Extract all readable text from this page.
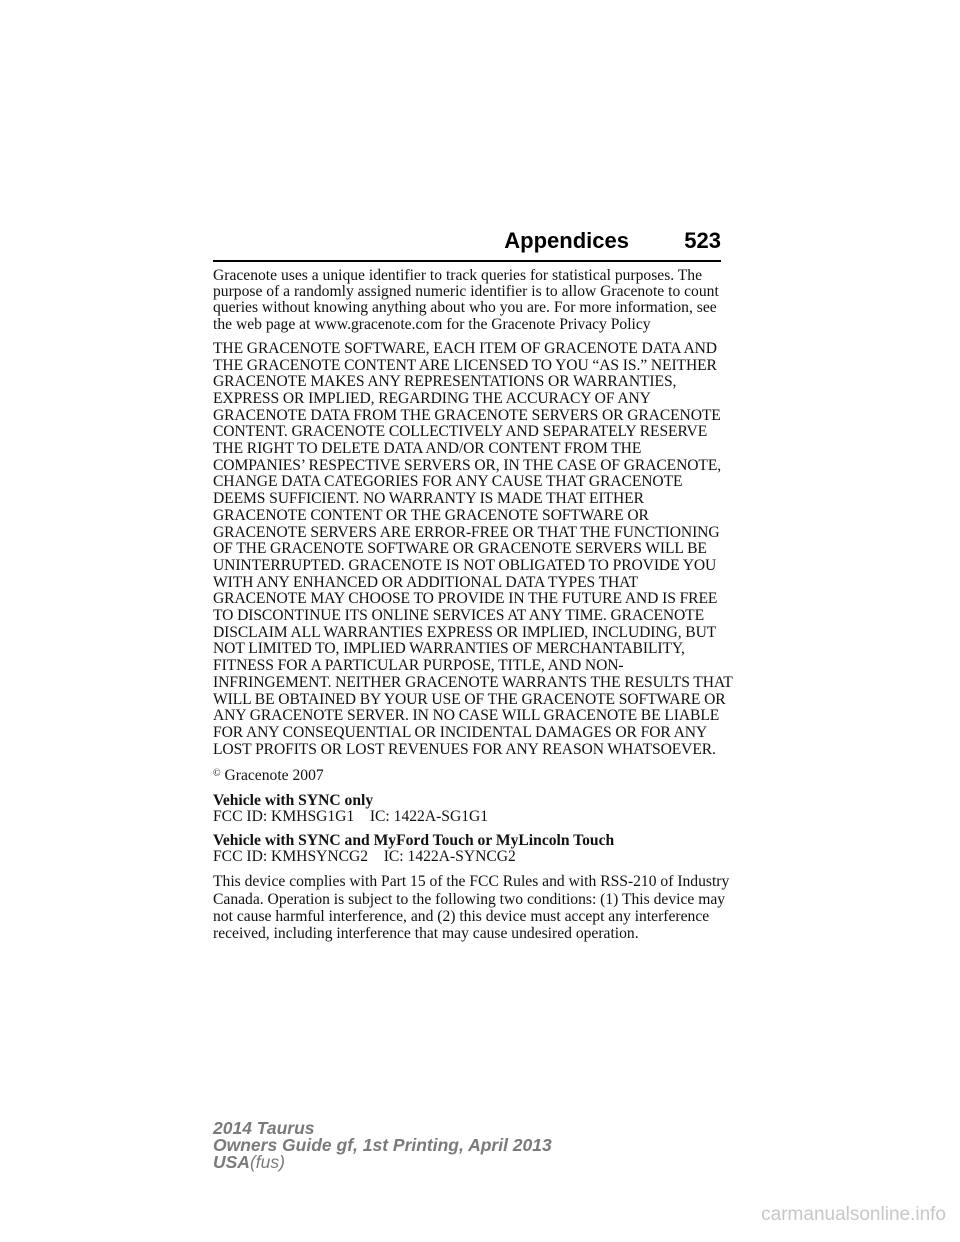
Appendices	523

Gracenote uses a unique identifier to track queries for statistical purposes. The purpose of a randomly assigned numeric identifier is to allow Gracenote to count queries without knowing anything about who you are. For more information, see the web page at www.gracenote.com for the Gracenote Privacy Policy

THE GRACENOTE SOFTWARE, EACH ITEM OF GRACENOTE DATA AND THE GRACENOTE CONTENT ARE LICENSED TO YOU “AS IS.” NEITHER GRACENOTE MAKES ANY REPRESENTATIONS OR WARRANTIES, EXPRESS OR IMPLIED, REGARDING THE ACCURACY OF ANY GRACENOTE DATA FROM THE GRACENOTE SERVERS OR GRACENOTE CONTENT. GRACENOTE COLLECTIVELY AND SEPARATELY RESERVE THE RIGHT TO DELETE DATA AND/OR CONTENT FROM THE COMPANIES’ RESPECTIVE SERVERS OR, IN THE CASE OF GRACENOTE, CHANGE DATA CATEGORIES FOR ANY CAUSE THAT GRACENOTE DEEMS SUFFICIENT. NO WARRANTY IS MADE THAT EITHER GRACENOTE CONTENT OR THE GRACENOTE SOFTWARE OR GRACENOTE SERVERS ARE ERROR-FREE OR THAT THE FUNCTIONING OF THE GRACENOTE SOFTWARE OR GRACENOTE SERVERS WILL BE UNINTERRUPTED. GRACENOTE IS NOT OBLIGATED TO PROVIDE YOU WITH ANY ENHANCED OR ADDITIONAL DATA TYPES THAT GRACENOTE MAY CHOOSE TO PROVIDE IN THE FUTURE AND IS FREE TO DISCONTINUE ITS ONLINE SERVICES AT ANY TIME. GRACENOTE DISCLAIM ALL WARRANTIES EXPRESS OR IMPLIED, INCLUDING, BUT NOT LIMITED TO, IMPLIED WARRANTIES OF MERCHANTABILITY, FITNESS FOR A PARTICULAR PURPOSE, TITLE, AND NON-INFRINGEMENT. NEITHER GRACENOTE WARRANTS THE RESULTS THAT WILL BE OBTAINED BY YOUR USE OF THE GRACENOTE SOFTWARE OR ANY GRACENOTE SERVER. IN NO CASE WILL GRACENOTE BE LIABLE FOR ANY CONSEQUENTIAL OR INCIDENTAL DAMAGES OR FOR ANY LOST PROFITS OR LOST REVENUES FOR ANY REASON WHATSOEVER.

© Gracenote 2007

Vehicle with SYNC only
FCC ID: KMHSG1G1    IC: 1422A-SG1G1

Vehicle with SYNC and MyFord Touch or MyLincoln Touch
FCC ID: KMHSYNCG2    IC: 1422A-SYNCG2

This device complies with Part 15 of the FCC Rules and with RSS-210 of Industry Canada. Operation is subject to the following two conditions: (1) This device may not cause harmful interference, and (2) this device must accept any interference received, including interference that may cause undesired operation.

2014 Taurus
Owners Guide gf, 1st Printing, April 2013
USA(fus)
carmanualsonline.info
